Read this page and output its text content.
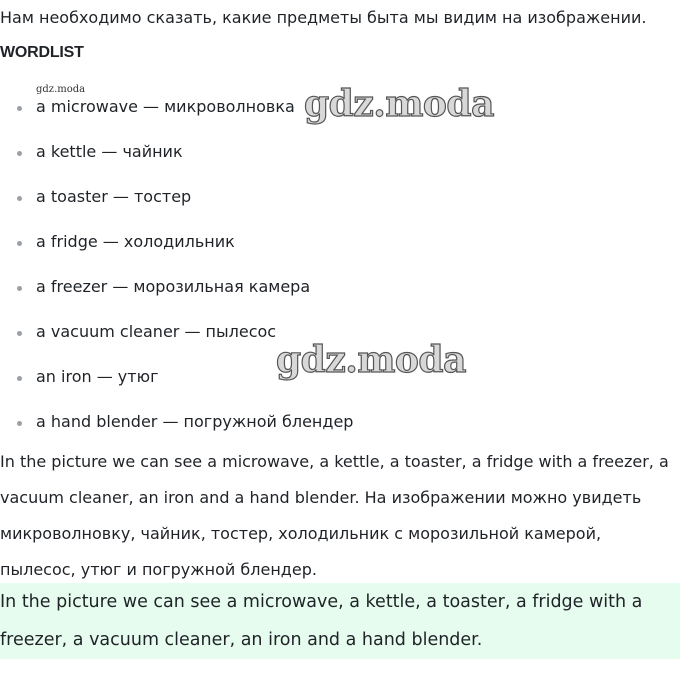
Нам необходимо сказать, какие предметы быта мы видим на изображении.
WORDLIST
a microwave — микроволновка
a kettle — чайник
a toaster — тостер
a fridge — холодильник
a freezer — морозильная камера
a vacuum cleaner — пылесос
an iron — утюг
a hand blender — погружной блендер

In the picture we can see a microwave, a kettle, a toaster, a fridge with a freezer, a vacuum cleaner, an iron and a hand blender. На изображении можно увидеть микроволновку, чайник, тостер, холодильник с морозильной камерой, пылесос, утюг и погружной блендер.

In the picture we can see a microwave, a kettle, a toaster, a fridge with a freezer, a vacuum cleaner, an iron and a hand blender.

gdz.moda	gdz.moda
gdz.moda
